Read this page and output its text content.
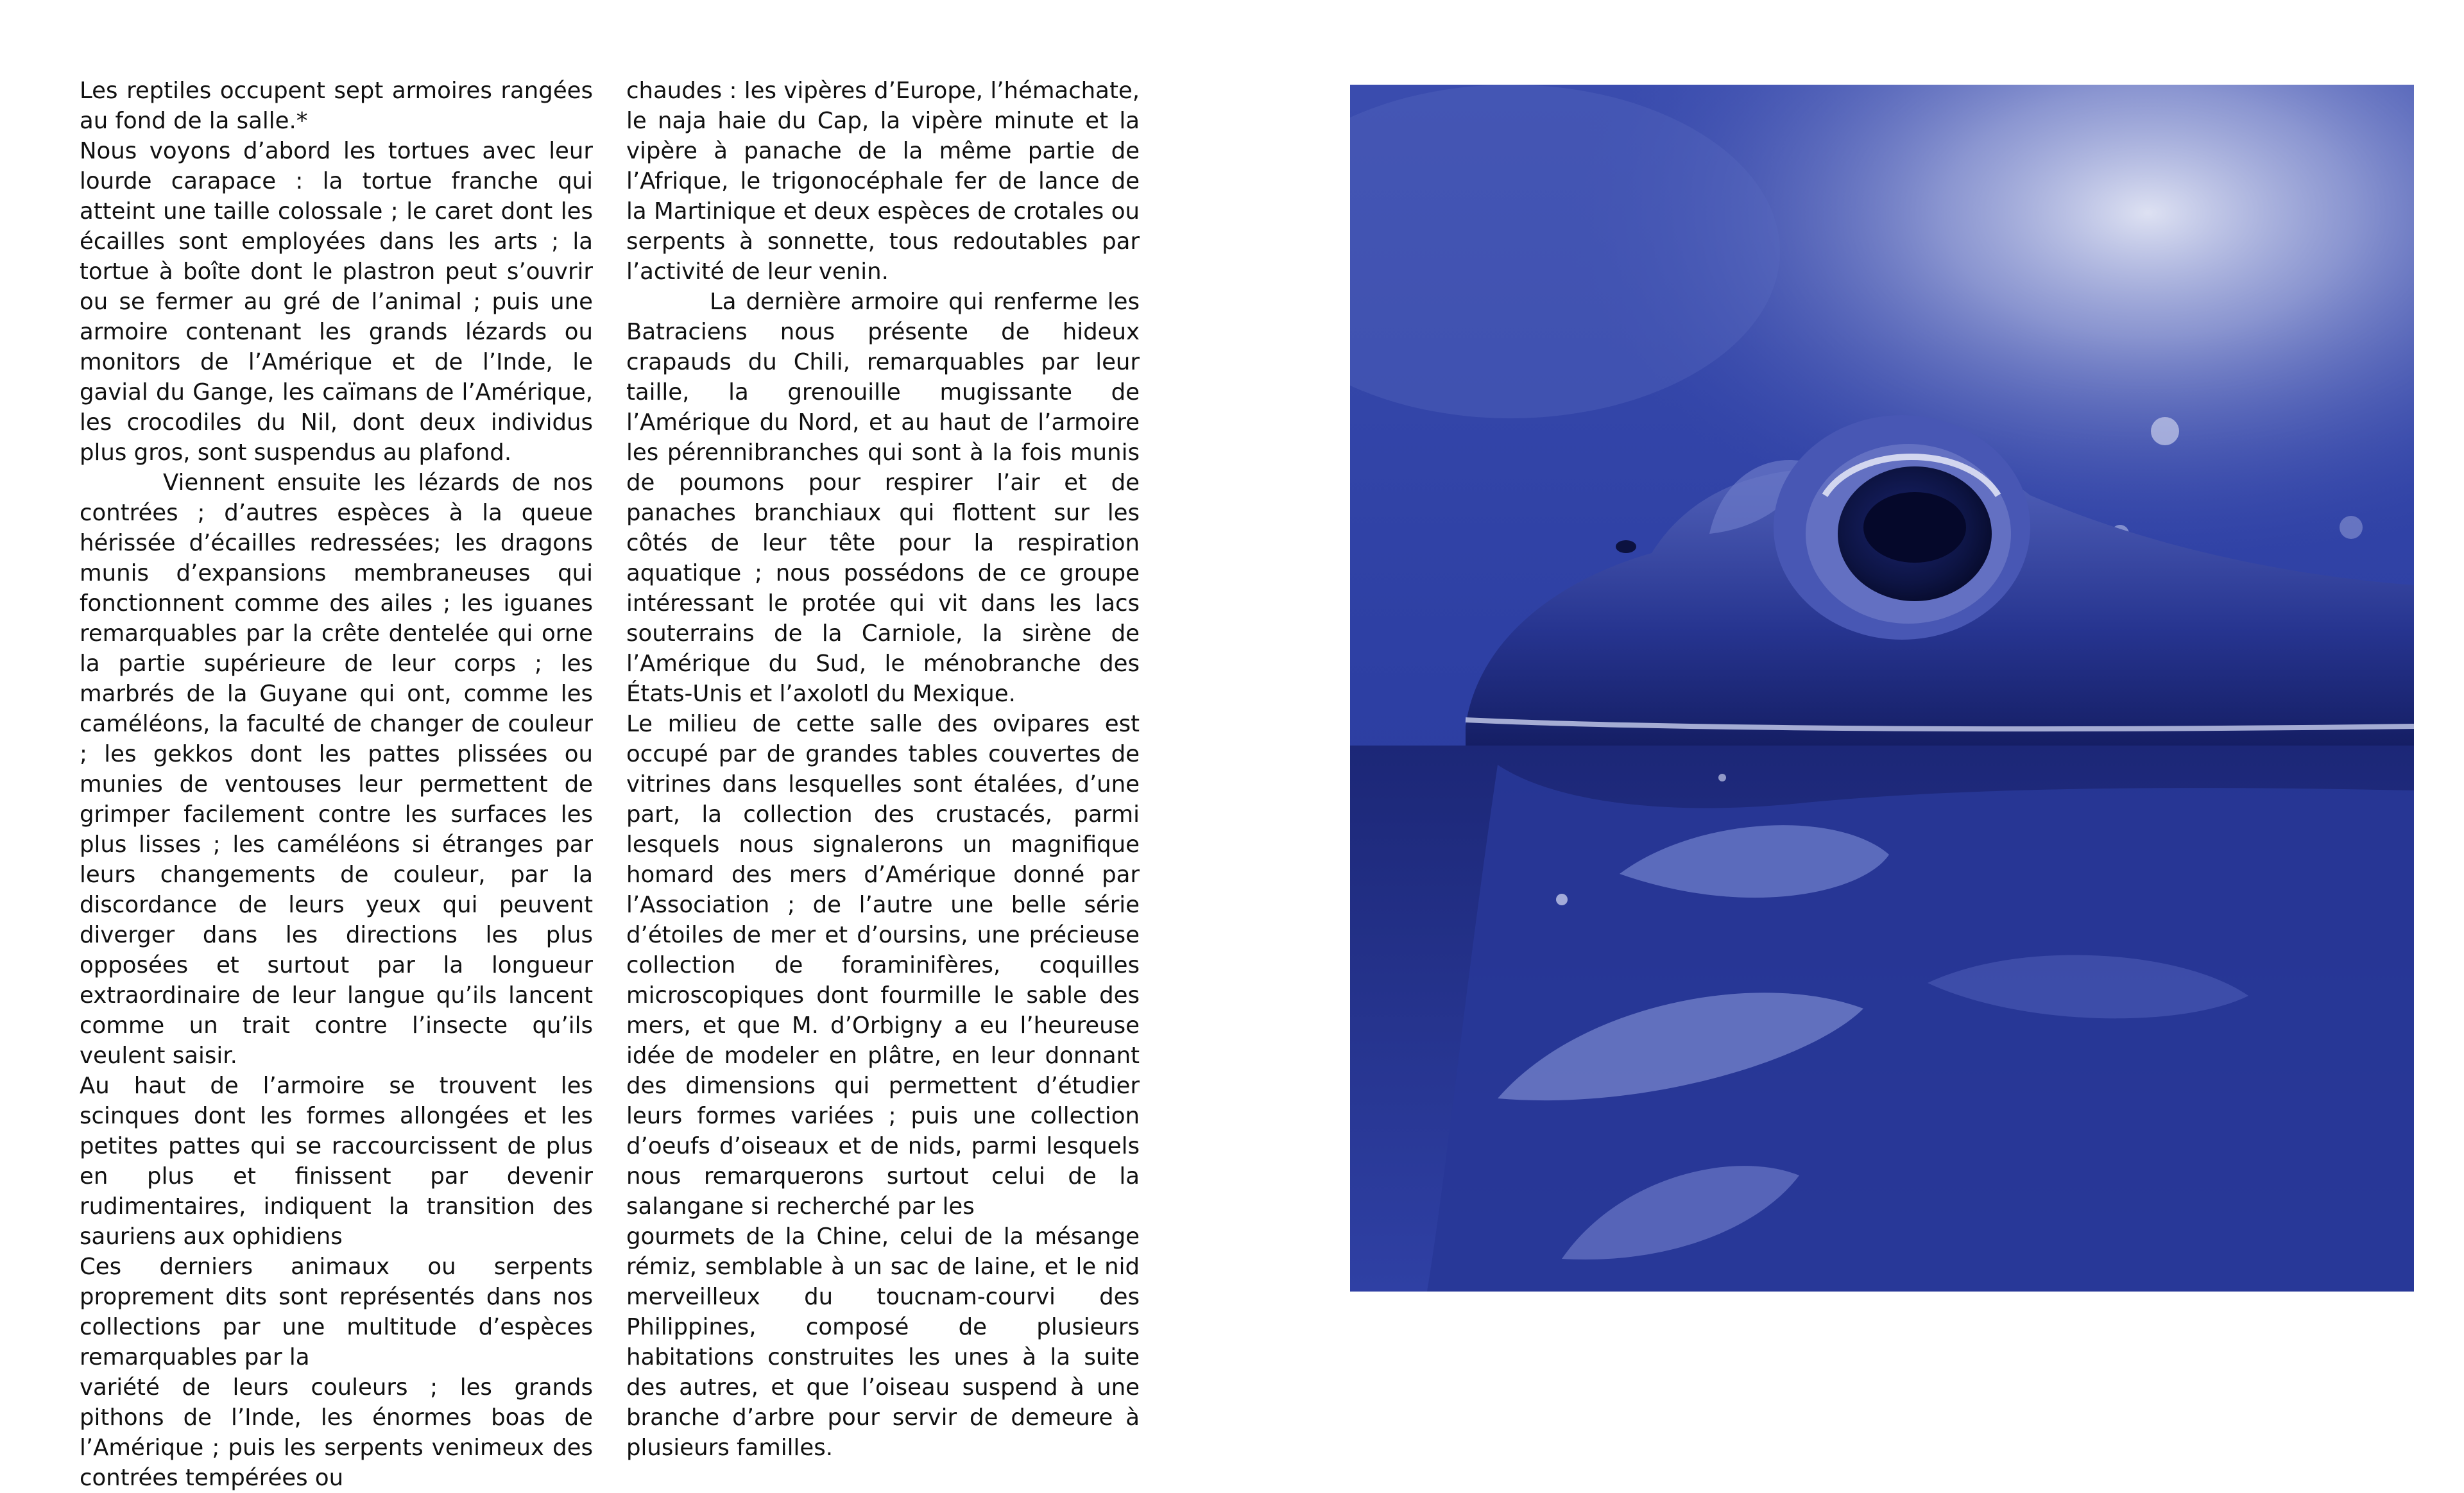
Les reptiles occupent sept armoires rangées au fond de la salle.*

Nous voyons d’abord les tortues avec leur lourde carapace : la tortue franche qui atteint une taille colossale ; le caret dont les écailles sont employées dans les arts ; la tortue à boîte dont le plastron peut s’ouvrir ou se fermer au gré de l’animal ; puis une armoire contenant les grands lézards ou monitors de l’Amérique et de l’Inde, le gavial du Gange, les caïmans de l’Amérique, les crocodiles du Nil, dont deux individus plus gros, sont suspendus au plafond.

Viennent ensuite les lézards de nos contrées ; d’autres espèces à la queue hérissée d’écailles redressées; les dragons munis d’expansions membraneuses qui fonctionnent comme des ailes ; les iguanes remarquables par la crête dentelée qui orne la partie supérieure de leur corps ; les marbrés de la Guyane qui ont, comme les caméléons, la faculté de changer de couleur ; les gekkos dont les pattes plissées ou munies de ventouses leur permettent de grimper facilement contre les surfaces les plus lisses ; les caméléons si étranges par leurs changements de couleur, par la discordance de leurs yeux qui peuvent diverger dans les directions les plus opposées et surtout par la longueur extraordinaire de leur langue qu’ils lancent comme un trait contre l’insecte qu’ils veulent saisir.

Au haut de l’armoire se trouvent les scinques dont les formes allongées et les petites pattes qui se raccourcissent de plus en plus et finissent par devenir rudimentaires, indiquent la transition des sauriens aux ophidiens

Ces derniers animaux ou serpents proprement dits sont représentés dans nos collections par une multitude d’espèces remarquables par la

variété de leurs couleurs ; les grands pithons de l’Inde, les énormes boas de l’Amérique ; puis les serpents venimeux des contrées tempérées ou

chaudes : les vipères d’Europe, l’hémachate, le naja haie du Cap, la vipère minute et la vipère à panache de la même partie de l’Afrique, le trigonocéphale fer de lance de la Martinique et deux espèces de crotales ou serpents à sonnette, tous redoutables par l’activité de leur venin.

La dernière armoire qui renferme les Batraciens nous présente de hideux crapauds du Chili, remarquables par leur taille, la grenouille mugissante de l’Amérique du Nord, et au haut de l’armoire les pérennibranches qui sont à la fois munis de poumons pour respirer l’air et de panaches branchiaux qui flottent sur les côtés de leur tête pour la respiration aquatique ; nous possédons de ce groupe intéressant le protée qui vit dans les lacs souterrains de la Carniole, la sirène de l’Amérique du Sud, le ménobranche des États-Unis et l’axolotl du Mexique.

Le milieu de cette salle des ovipares est occupé par de grandes tables couvertes de vitrines dans lesquelles sont étalées, d’une part, la collection des crustacés, parmi lesquels nous signalerons un magnifique homard des mers d’Amérique donné par l’Association ; de l’autre une belle série d’étoiles de mer et d’oursins, une précieuse collection de foraminifères, coquilles microscopiques dont fourmille le sable des mers, et que M. d’Orbigny a eu l’heureuse idée de modeler en plâtre, en leur donnant des dimensions qui permettent d’étudier leurs formes variées ; puis une collection d’oeufs d’oiseaux et de nids, parmi lesquels nous remarquerons surtout celui de la salangane si recherché par les

gourmets de la Chine, celui de la mésange rémiz, semblable à un sac de laine, et le nid merveilleux du toucnam-courvi des Philippines, composé de plusieurs habitations construites les unes à la suite des autres, et que l’oiseau suspend à une branche d’arbre pour servir de demeure à plusieurs familles.
